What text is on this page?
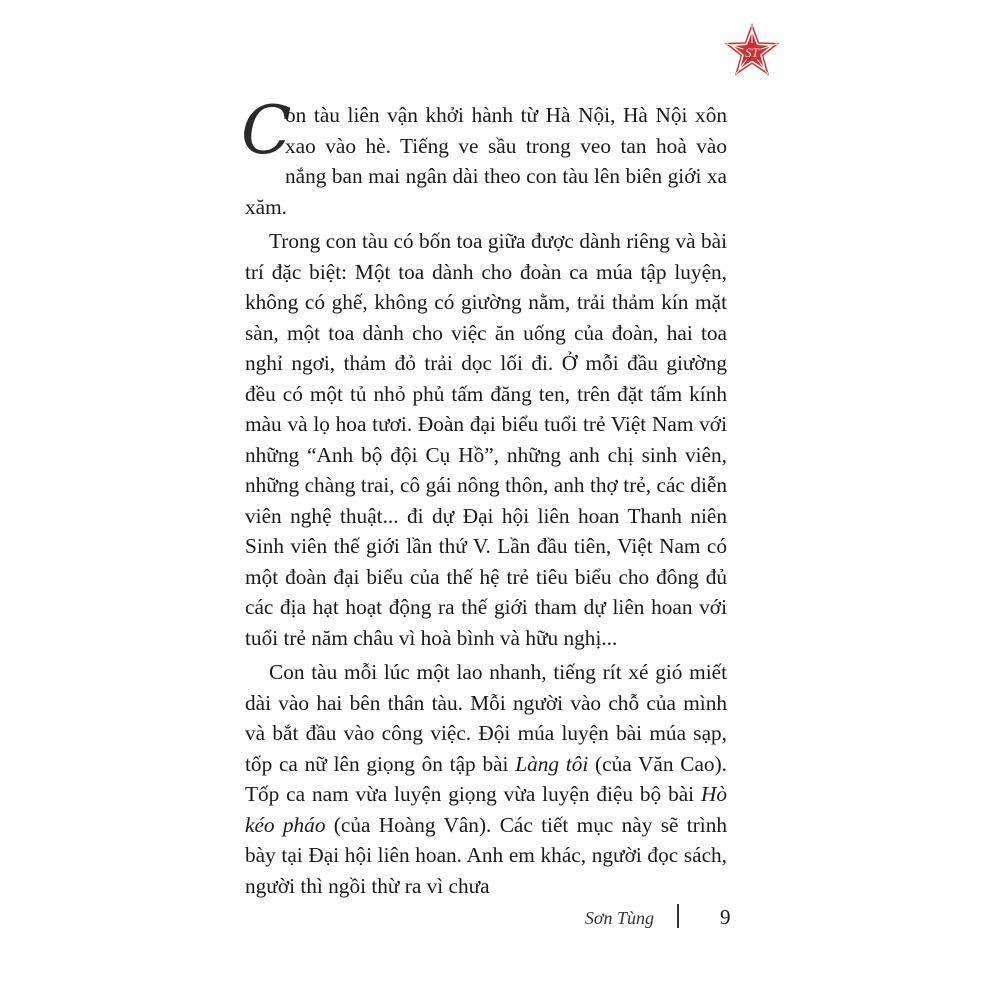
ST

C
on tàu liên vận khởi hành từ Hà Nội, Hà Nội xôn xao vào hè. Tiếng ve sầu trong veo tan hoà vào nắng ban mai ngân dài theo con tàu lên biên giới xa xăm.

Trong con tàu có bốn toa giữa được dành riêng và bài trí đặc biệt: Một toa dành cho đoàn ca múa tập luyện, không có ghế, không có giường nằm, trải thảm kín mặt sàn, một toa dành cho việc ăn uống của đoàn, hai toa nghỉ ngơi, thảm đỏ trải dọc lối đi. Ở mỗi đầu giường đều có một tủ nhỏ phủ tấm đăng ten, trên đặt tấm kính màu và lọ hoa tươi. Đoàn đại biểu tuổi trẻ Việt Nam với những “Anh bộ đội Cụ Hồ”, những anh chị sinh viên, những chàng trai, cô gái nông thôn, anh thợ trẻ, các diễn viên nghệ thuật... đi dự Đại hội liên hoan Thanh niên Sinh viên thế giới lần thứ V. Lần đầu tiên, Việt Nam có một đoàn đại biểu của thế hệ trẻ tiêu biểu cho đông đủ các địa hạt hoạt động ra thế giới tham dự liên hoan với tuổi trẻ năm châu vì hoà bình và hữu nghị...

Con tàu mỗi lúc một lao nhanh, tiếng rít xé gió miết dài vào hai bên thân tàu. Mỗi người vào chỗ của mình và bắt đầu vào công việc. Đội múa luyện bài múa sạp, tốp ca nữ lên giọng ôn tập bài Làng tôi (của Văn Cao). Tốp ca nam vừa luyện giọng vừa luyện điệu bộ bài Hò kéo pháo (của Hoàng Vân). Các tiết mục này sẽ trình bày tại Đại hội liên hoan. Anh em khác, người đọc sách, người thì ngồi thừ ra vì chưa

Sơn Tùng	9
